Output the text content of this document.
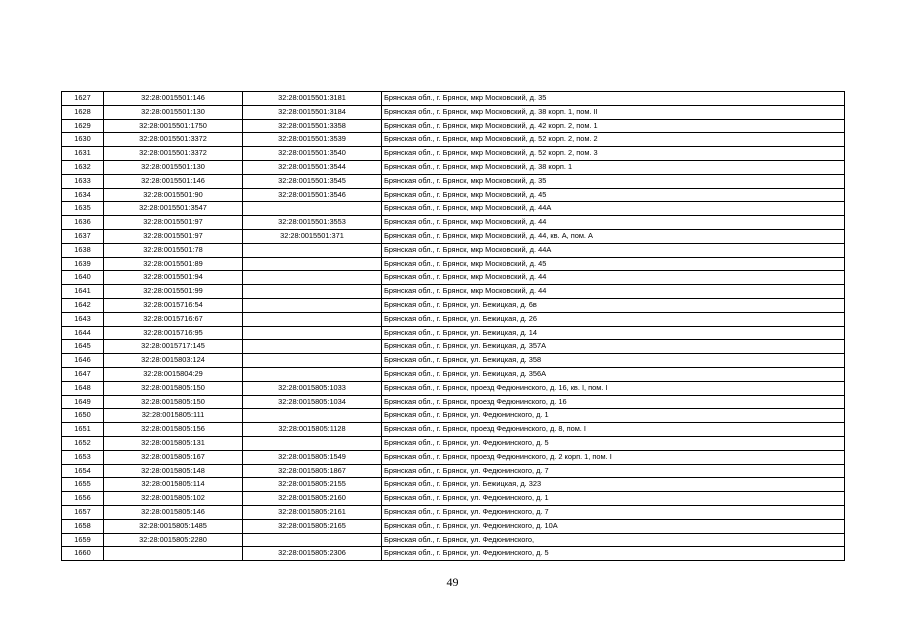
1627	32:28:0015501:146	32:28:0015501:3181	Брянская обл., г. Брянск, мкр Московский, д. 35
1628	32:28:0015501:130	32:28:0015501:3184	Брянская обл., г. Брянск, мкр Московский, д. 38 корп. 1, пом. II
1629	32:28:0015501:1750	32:28:0015501:3358	Брянская обл., г. Брянск, мкр Московский, д. 42 корп. 2, пом. 1
1630	32:28:0015501:3372	32:28:0015501:3539	Брянская обл., г. Брянск, мкр Московский, д. 52 корп. 2, пом. 2
1631	32:28:0015501:3372	32:28:0015501:3540	Брянская обл., г. Брянск, мкр Московский, д. 52 корп. 2, пом. 3
1632	32:28:0015501:130	32:28:0015501:3544	Брянская обл., г. Брянск, мкр Московский, д. 38 корп. 1
1633	32:28:0015501:146	32:28:0015501:3545	Брянская обл., г. Брянск, мкр Московский, д. 35
1634	32:28:0015501:90	32:28:0015501:3546	Брянская обл., г. Брянск, мкр Московский, д. 45
1635	32:28:0015501:3547		Брянская обл., г. Брянск, мкр Московский, д. 44А
1636	32:28:0015501:97	32:28:0015501:3553	Брянская обл., г. Брянск, мкр Московский, д. 44
1637	32:28:0015501:97	32:28:0015501:371	Брянская обл., г. Брянск, мкр Московский, д. 44, кв. А, пом. А
1638	32:28:0015501:78		Брянская обл., г. Брянск, мкр Московский, д. 44А
1639	32:28:0015501:89		Брянская обл., г. Брянск, мкр Московский, д. 45
1640	32:28:0015501:94		Брянская обл., г. Брянск, мкр Московский, д. 44
1641	32:28:0015501:99		Брянская обл., г. Брянск, мкр Московский, д. 44
1642	32:28:0015716:54		Брянская обл., г. Брянск, ул. Бежицкая, д. 6в
1643	32:28:0015716:67		Брянская обл., г. Брянск, ул. Бежицкая, д. 26
1644	32:28:0015716:95		Брянская обл., г. Брянск, ул. Бежицкая, д. 14
1645	32:28:0015717:145		Брянская обл., г. Брянск, ул. Бежицкая, д. 357А
1646	32:28:0015803:124		Брянская обл., г. Брянск, ул. Бежицкая, д. 358
1647	32:28:0015804:29		Брянская обл., г. Брянск, ул. Бежицкая, д. 356А
1648	32:28:0015805:150	32:28:0015805:1033	Брянская обл., г. Брянск, проезд Федюнинского, д. 16, кв. I, пом. I
1649	32:28:0015805:150	32:28:0015805:1034	Брянская обл., г. Брянск, проезд Федюнинского, д. 16
1650	32:28:0015805:111		Брянская обл., г. Брянск, ул. Федюнинского, д. 1
1651	32:28:0015805:156	32:28:0015805:1128	Брянская обл., г. Брянск, проезд Федюнинского, д. 8, пом. I
1652	32:28:0015805:131		Брянская обл., г. Брянск, ул. Федюнинского, д. 5
1653	32:28:0015805:167	32:28:0015805:1549	Брянская обл., г. Брянск, проезд Федюнинского, д. 2 корп. 1, пом. I
1654	32:28:0015805:148	32:28:0015805:1867	Брянская обл., г. Брянск, ул. Федюнинского, д. 7
1655	32:28:0015805:114	32:28:0015805:2155	Брянская обл., г. Брянск, ул. Бежицкая, д. 323
1656	32:28:0015805:102	32:28:0015805:2160	Брянская обл., г. Брянск, ул. Федюнинского, д. 1
1657	32:28:0015805:146	32:28:0015805:2161	Брянская обл., г. Брянск, ул. Федюнинского, д. 7
1658	32:28:0015805:1485	32:28:0015805:2165	Брянская обл., г. Брянск, ул. Федюнинского, д. 10А
1659	32:28:0015805:2280		Брянская обл., г. Брянск, ул. Федюнинского,
1660		32:28:0015805:2306	Брянская обл., г. Брянск, ул. Федюнинского, д. 5
49
